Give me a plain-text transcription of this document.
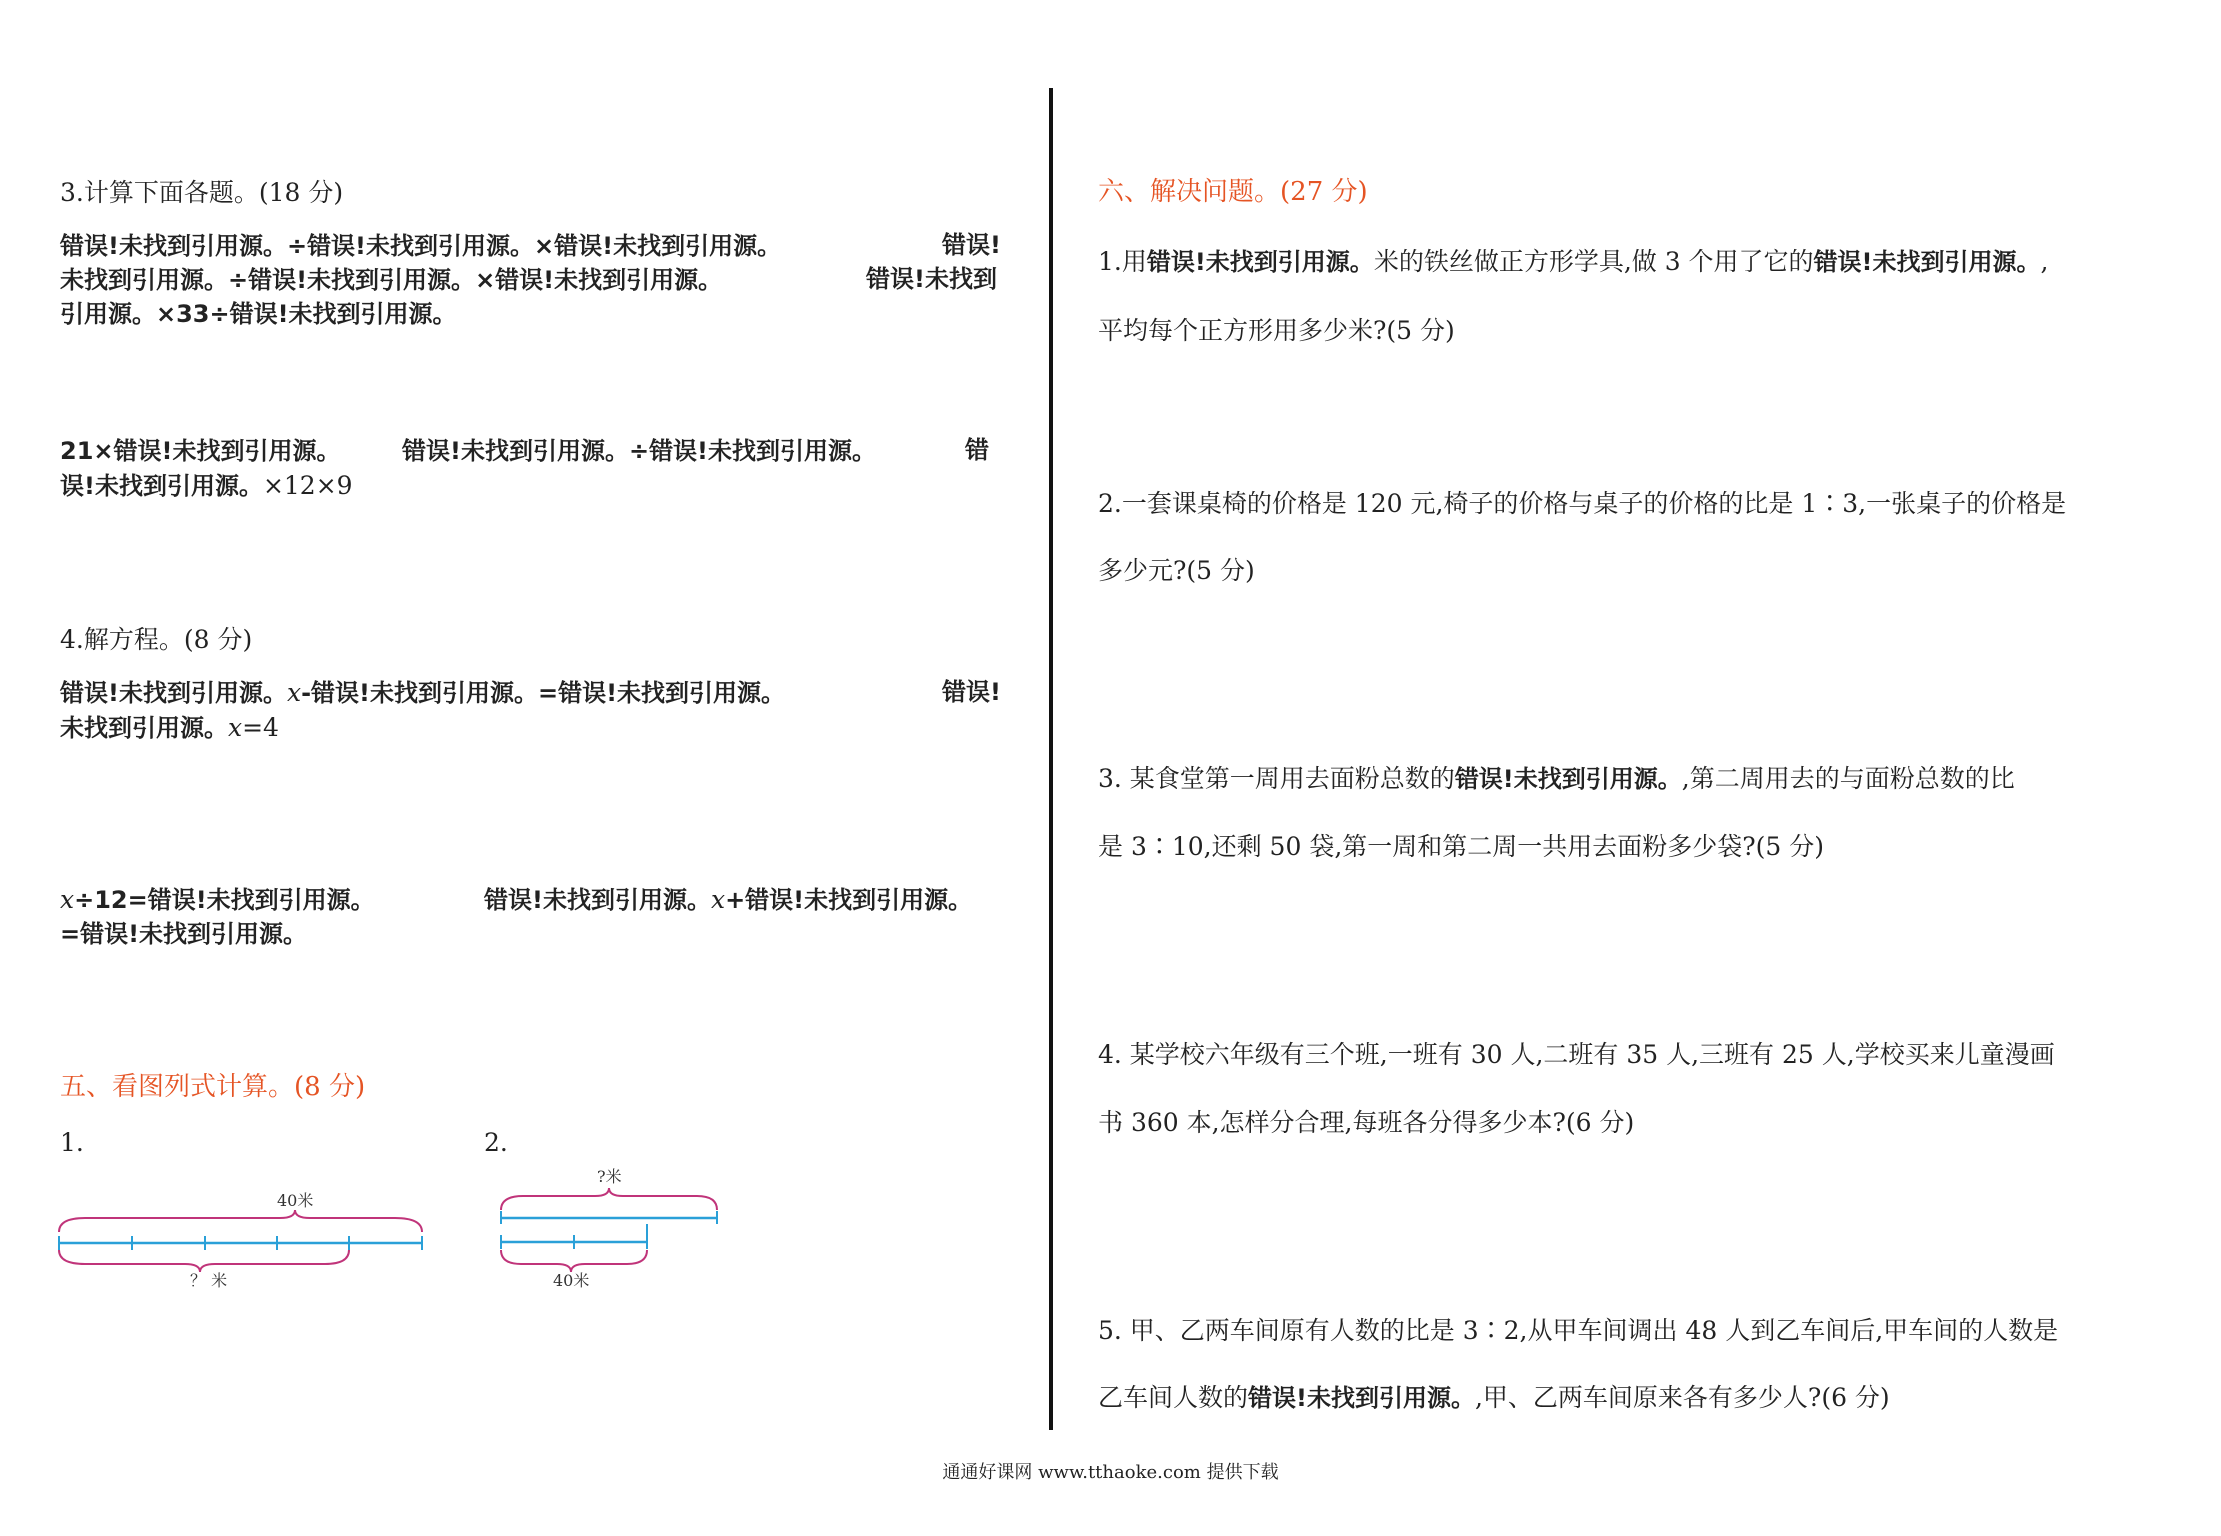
3.计算下面各题。(18 分)
错误!未找到引用源。÷错误!未找到引用源。×错误!未找到引用源。	错误!
未找到引用源。÷错误!未找到引用源。×错误!未找到引用源。	错误!未找到
引用源。×33÷错误!未找到引用源。
21×错误!未找到引用源。	错误!未找到引用源。÷错误!未找到引用源。	错
误!未找到引用源。×12×9
4.解方程。(8 分)
错误!未找到引用源。x-错误!未找到引用源。=错误!未找到引用源。	错误!
未找到引用源。x=4
x÷12=错误!未找到引用源。	错误!未找到引用源。x+错误!未找到引用源。
=错误!未找到引用源。
五、看图列式计算。(8 分)
1.	2.
40米
？ 米
?米
40米
六、解决问题。(27 分)
1.用错误!未找到引用源。米的铁丝做正方形学具,做 3 个用了它的错误!未找到引用源。,
平均每个正方形用多少米?(5 分)
2.一套课桌椅的价格是 120 元,椅子的价格与桌子的价格的比是 1∶3,一张桌子的价格是
多少元?(5 分)
3. 某食堂第一周用去面粉总数的错误!未找到引用源。,第二周用去的与面粉总数的比
是 3∶10,还剩 50 袋,第一周和第二周一共用去面粉多少袋?(5 分)
4. 某学校六年级有三个班,一班有 30 人,二班有 35 人,三班有 25 人,学校买来儿童漫画
书 360 本,怎样分合理,每班各分得多少本?(6 分)
5. 甲、乙两车间原有人数的比是 3∶2,从甲车间调出 48 人到乙车间后,甲车间的人数是
乙车间人数的错误!未找到引用源。,甲、乙两车间原来各有多少人?(6 分)
通通好课网 www.tthaoke.com 提供下载
